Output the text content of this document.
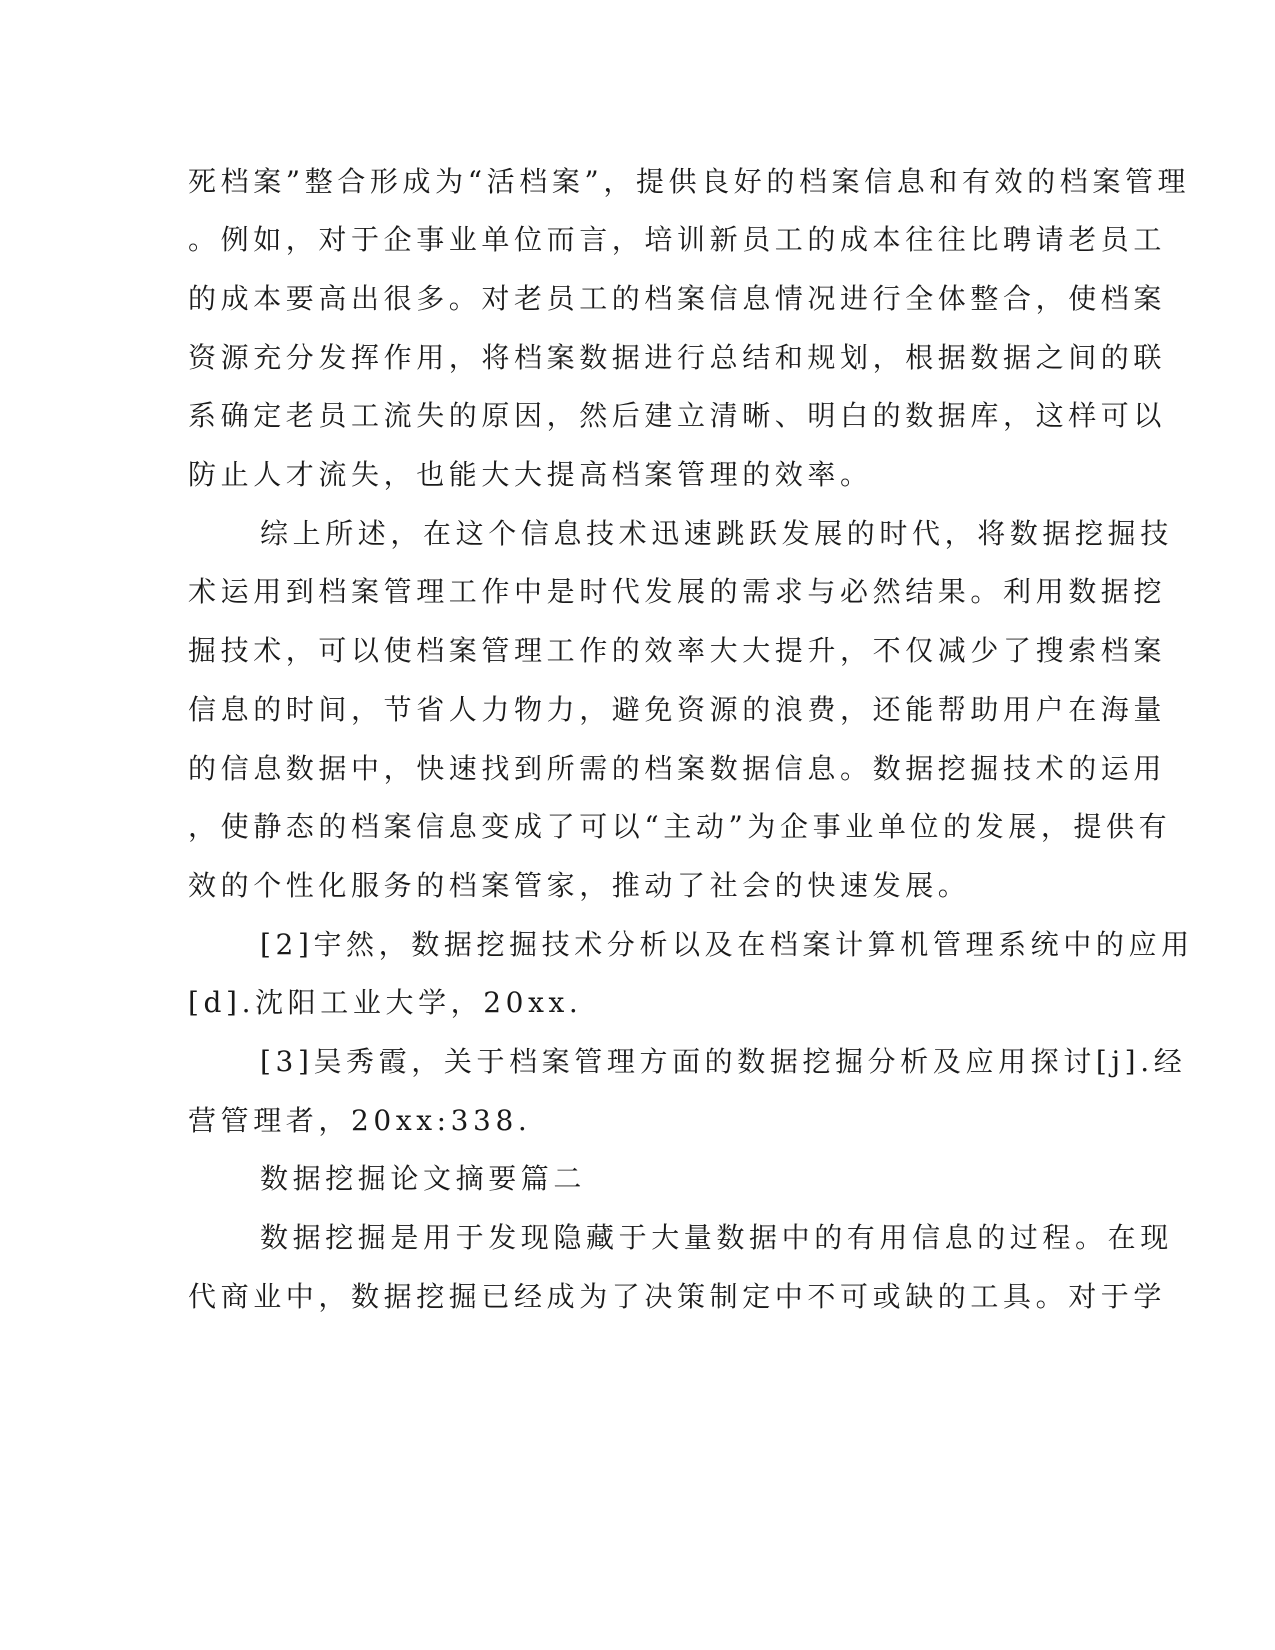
死档案”整合形成为“活档案”，提供良好的档案信息和有效的档案管理

。例如，对于企事业单位而言，培训新员工的成本往往比聘请老员工

的成本要高出很多。对老员工的档案信息情况进行全体整合，使档案

资源充分发挥作用，将档案数据进行总结和规划，根据数据之间的联

系确定老员工流失的原因，然后建立清晰、明白的数据库，这样可以

防止人才流失，也能大大提高档案管理的效率。

综上所述，在这个信息技术迅速跳跃发展的时代，将数据挖掘技

术运用到档案管理工作中是时代发展的需求与必然结果。利用数据挖

掘技术，可以使档案管理工作的效率大大提升，不仅减少了搜索档案

信息的时间，节省人力物力，避免资源的浪费，还能帮助用户在海量

的信息数据中，快速找到所需的档案数据信息。数据挖掘技术的运用

，使静态的档案信息变成了可以“主动”为企事业单位的发展，提供有

效的个性化服务的档案管家，推动了社会的快速发展。

[2]宇然，数据挖掘技术分析以及在档案计算机管理系统中的应用

[d].沈阳工业大学，20xx.

[3]吴秀霞，关于档案管理方面的数据挖掘分析及应用探讨[j].经

营管理者，20xx:338.

数据挖掘论文摘要篇二

数据挖掘是用于发现隐藏于大量数据中的有用信息的过程。在现

代商业中，数据挖掘已经成为了决策制定中不可或缺的工具。对于学
